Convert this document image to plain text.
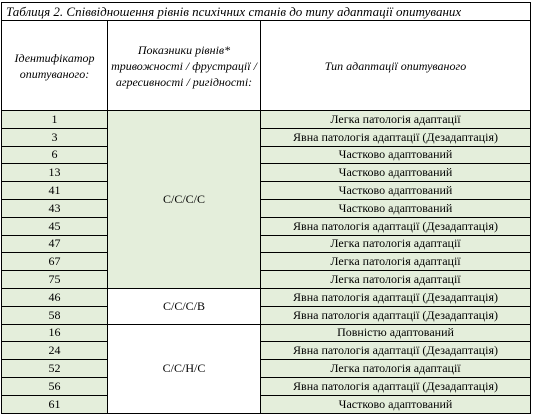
Таблиця 2. Співвідношення рівнів психічних станів до типу адаптації опитуваних		
Ідентифікатор опитуваного:	Показники рівнів* тривожності / фрустрації / агресивності / ригідності:	Тип адаптації опитуваного
1	С/С/С/С	Легка патологія адаптації
3		Явна патологія адаптації (Дезадаптація)
6		Частково адаптований
13		Частково адаптований
41		Частково адаптований
43		Частково адаптований
45		Явна патологія адаптації (Дезадаптація)
47		Легка патологія адаптації
67		Легка патологія адаптації
75		Легка патологія адаптації
46	С/С/С/В	Явна патологія адаптації (Дезадаптація)
58		Явна патологія адаптації (Дезадаптація)
16	С/С/Н/С	Повністю адаптований
24		Явна патологія адаптації (Дезадаптація)
52		Легка патологія адаптації
56		Явна патологія адаптації (Дезадаптація)
61		Частково адаптований
